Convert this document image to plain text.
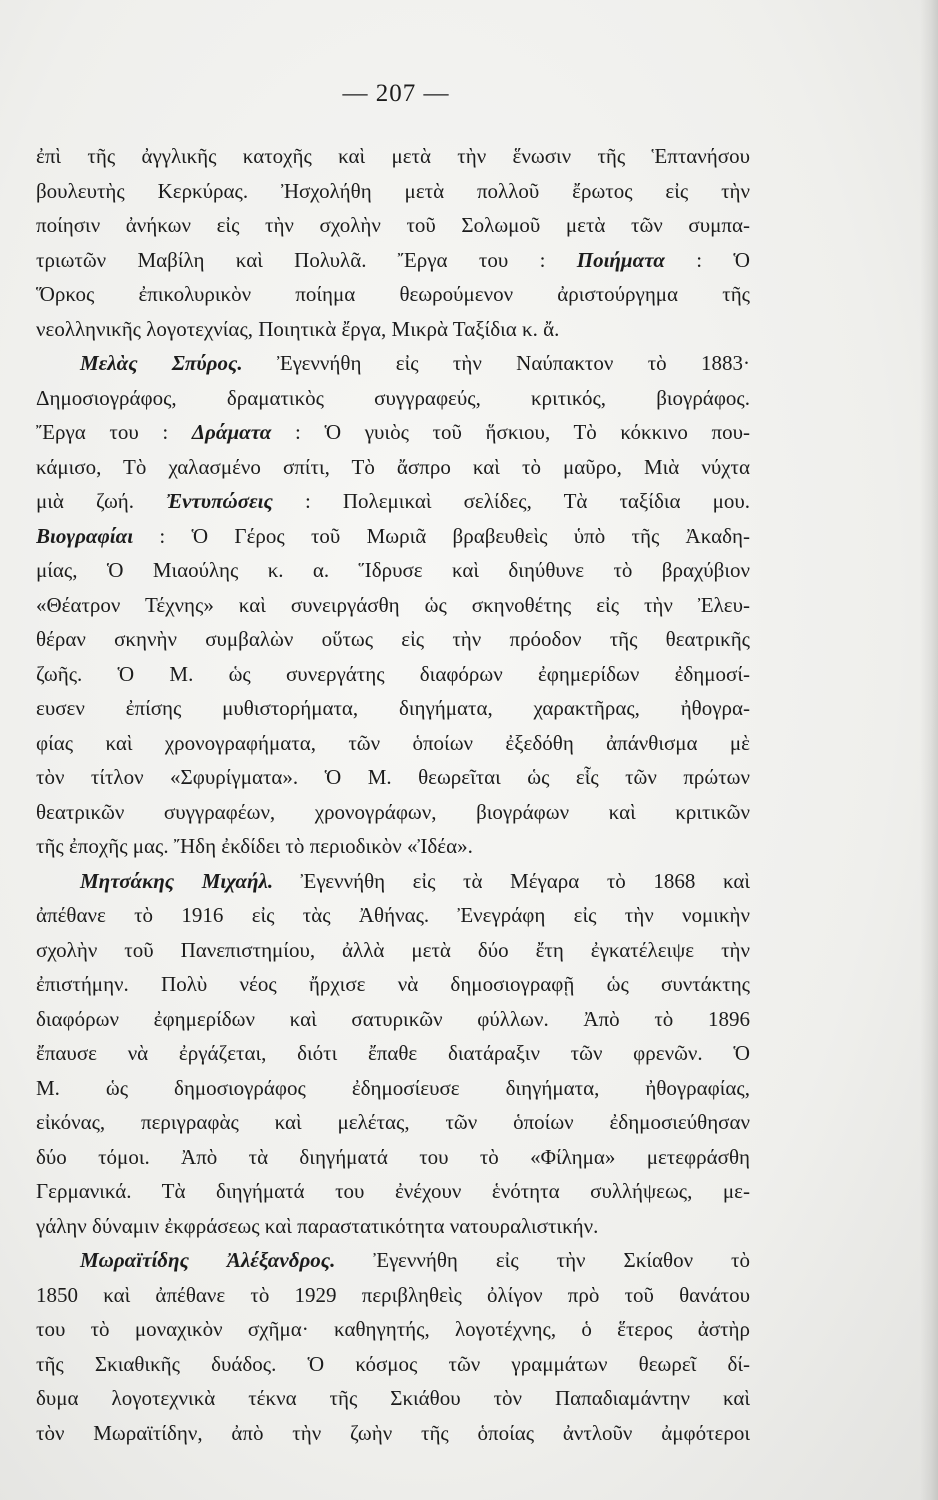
— 207 —
ἐπὶ τῆς ἀγγλικῆς κατοχῆς καὶ μετὰ τὴν ἕνωσιν τῆς Ἑπτανήσου
βουλευτὴς Κερκύρας. Ἠσχολήθη μετὰ πολλοῦ ἔρωτος εἰς τὴν
ποίησιν ἀνήκων εἰς τὴν σχολὴν τοῦ Σολωμοῦ μετὰ τῶν συμπα-
τριωτῶν Μαβίλη καὶ Πολυλᾶ. Ἔργα του : Ποιήματα : Ὁ
Ὅρκος ἐπικολυρικὸν ποίημα θεωρούμενον ἀριστούργημα τῆς
νεολληνικῆς λογοτεχνίας, Ποιητικὰ ἔργα, Μικρὰ Ταξίδια κ. ἄ.
Μελὰς Σπύρος. Ἐγεννήθη εἰς τὴν Ναύπακτον τὸ 1883·
Δημοσιογράφος, δραματικὸς συγγραφεύς, κριτικός, βιογράφος.
Ἔργα του : Δράματα : Ὁ γυιὸς τοῦ ἥσκιου, Τὸ κόκκινο που-
κάμισο, Τὸ χαλασμένο σπίτι, Τὸ ἄσπρο καὶ τὸ μαῦρο, Μιὰ νύχτα
μιὰ ζωή. Ἐντυπώσεις : Πολεμικαὶ σελίδες, Τὰ ταξίδια μου.
Βιογραφίαι : Ὁ Γέρος τοῦ Μωριᾶ βραβευθεὶς ὑπὸ τῆς Ἀκαδη-
μίας, Ὁ Μιαούλης κ. α. Ἵδρυσε καὶ διηύθυνε τὸ βραχύβιον
«Θέατρον Τέχνης» καὶ συνειργάσθη ὡς σκηνοθέτης εἰς τὴν Ἐλευ-
θέραν σκηνὴν συμβαλὼν οὕτως εἰς τὴν πρόοδον τῆς θεατρικῆς
ζωῆς. Ὁ Μ. ὡς συνεργάτης διαφόρων ἐφημερίδων ἐδημοσί-
ευσεν ἐπίσης μυθιστορήματα, διηγήματα, χαρακτῆρας, ἠθογρα-
φίας καὶ χρονογραφήματα, τῶν ὁποίων ἐξεδόθη ἀπάνθισμα μὲ
τὸν τίτλον «Σφυρίγματα». Ὁ Μ. θεωρεῖται ὡς εἷς τῶν πρώτων
θεατρικῶν συγγραφέων, χρονογράφων, βιογράφων καὶ κριτικῶν
τῆς ἐποχῆς μας. Ἤδη ἐκδίδει τὸ περιοδικὸν «Ἰδέα».
Μητσάκης Μιχαήλ. Ἐγεννήθη εἰς τὰ Μέγαρα τὸ 1868 καὶ
ἀπέθανε τὸ 1916 εἰς τὰς Ἀθήνας. Ἐνεγράφη εἰς τὴν νομικὴν
σχολὴν τοῦ Πανεπιστημίου, ἀλλὰ μετὰ δύο ἔτη ἐγκατέλειψε τὴν
ἐπιστήμην. Πολὺ νέος ἤρχισε νὰ δημοσιογραφῇ ὡς συντάκτης
διαφόρων ἐφημερίδων καὶ σατυρικῶν φύλλων. Ἀπὸ τὸ 1896
ἔπαυσε νὰ ἐργάζεται, διότι ἔπαθε διατάραξιν τῶν φρενῶν. Ὁ
Μ. ὡς δημοσιογράφος ἐδημοσίευσε διηγήματα, ἠθογραφίας,
εἰκόνας, περιγραφὰς καὶ μελέτας, τῶν ὁποίων ἐδημοσιεύθησαν
δύο τόμοι. Ἀπὸ τὰ διηγήματά του τὸ «Φίλημα» μετεφράσθη
Γερμανικά. Τὰ διηγήματά του ἐνέχουν ἑνότητα συλλήψεως, με-
γάλην δύναμιν ἐκφράσεως καὶ παραστατικότητα νατουραλιστικήν.
Μωραϊτίδης Ἀλέξανδρος. Ἐγεννήθη εἰς τὴν Σκίαθον τὸ
1850 καὶ ἀπέθανε τὸ 1929 περιβληθεὶς ὀλίγον πρὸ τοῦ θανάτου
του τὸ μοναχικὸν σχῆμα· καθηγητής, λογοτέχνης, ὁ ἕτερος ἀστὴρ
τῆς Σκιαθικῆς δυάδος. Ὁ κόσμος τῶν γραμμάτων θεωρεῖ δί-
δυμα λογοτεχνικὰ τέκνα τῆς Σκιάθου τὸν Παπαδιαμάντην καὶ
τὸν Μωραϊτίδην, ἀπὸ τὴν ζωὴν τῆς ὁποίας ἀντλοῦν ἀμφότεροι
